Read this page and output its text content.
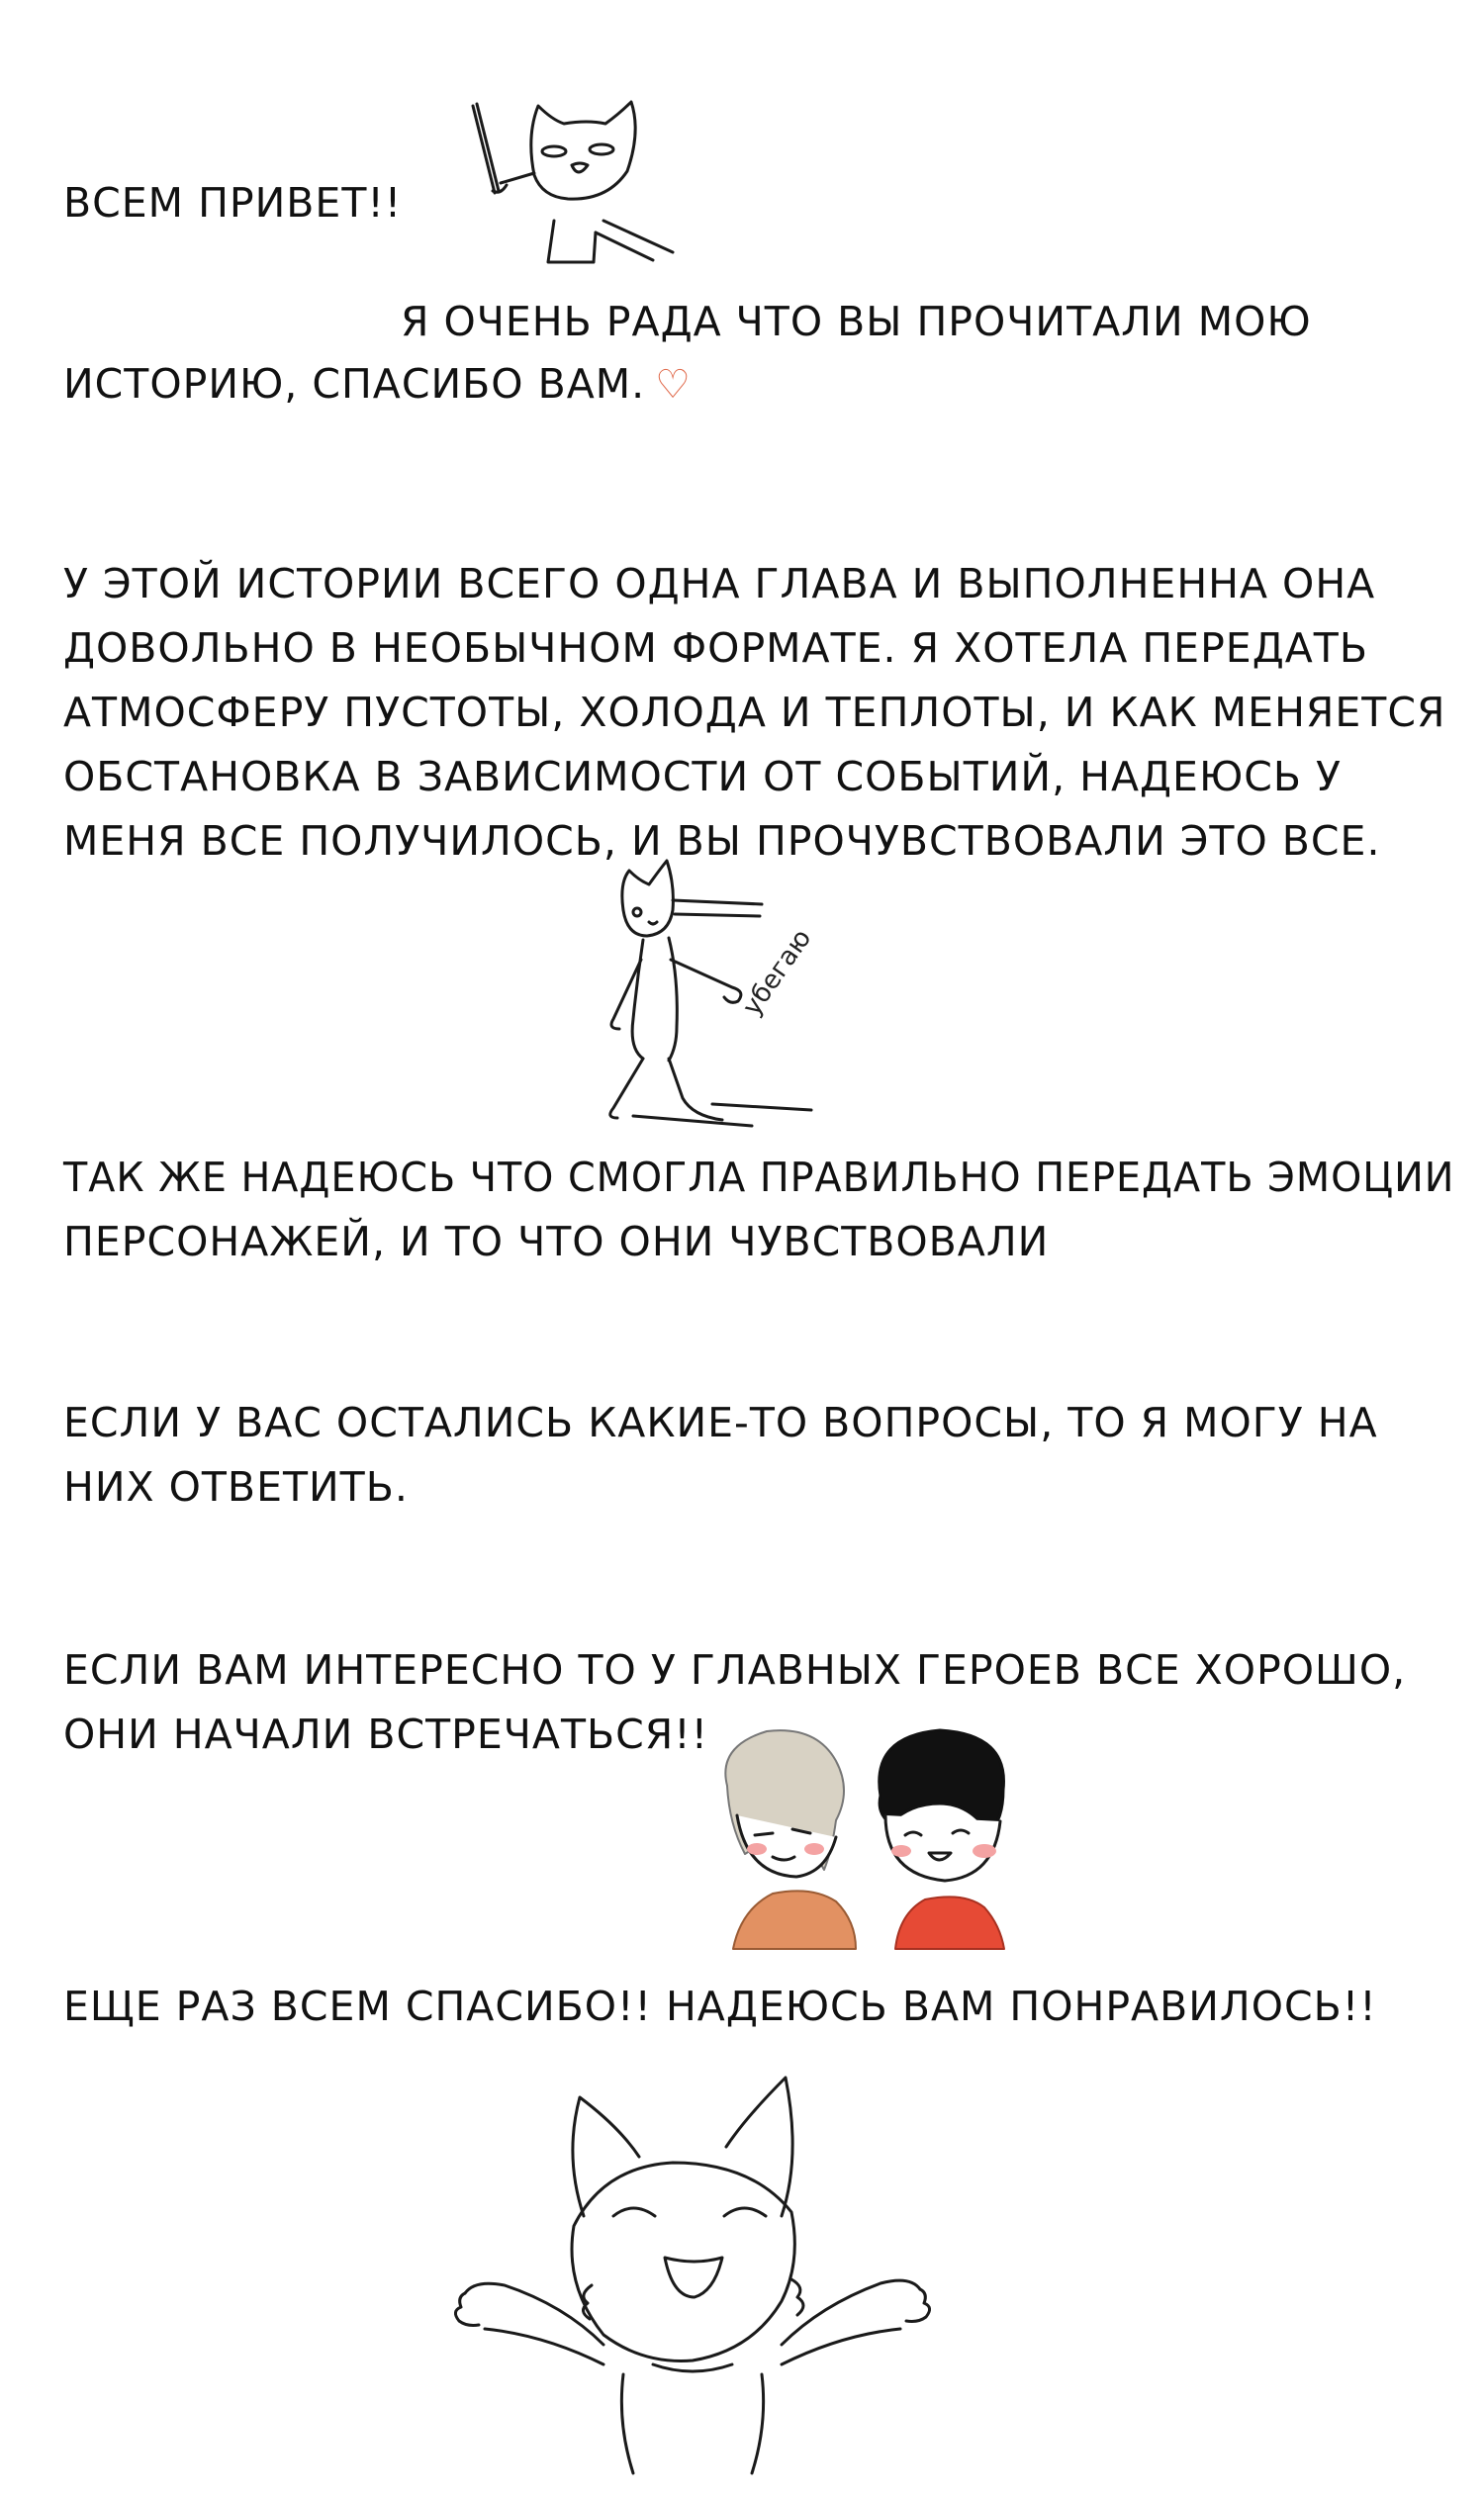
ВСЕМ ПРИВЕТ!!
Я ОЧЕНЬ РАДА ЧТО ВЫ ПРОЧИТАЛИ МОЮ
ИСТОРИЮ, СПАСИБО ВАМ. ♡
У ЭТОЙ ИСТОРИИ ВСЕГО ОДНА ГЛАВА И ВЫПОЛНЕННА ОНА
ДОВОЛЬНО В НЕОБЫЧНОМ ФОРМАТЕ. Я ХОТЕЛА ПЕРЕДАТЬ
АТМОСФЕРУ ПУСТОТЫ, ХОЛОДА И ТЕПЛОТЫ, И КАК МЕНЯЕТСЯ
ОБСТАНОВКА В ЗАВИСИМОСТИ ОТ СОБЫТИЙ, НАДЕЮСЬ У
МЕНЯ ВСЕ ПОЛУЧИЛОСЬ, И ВЫ ПРОЧУВСТВОВАЛИ ЭТО ВСЕ.
ТАК ЖЕ НАДЕЮСЬ ЧТО СМОГЛА ПРАВИЛЬНО ПЕРЕДАТЬ ЭМОЦИИ
ПЕРСОНАЖЕЙ, И ТО ЧТО ОНИ ЧУВСТВОВАЛИ
ЕСЛИ У ВАС ОСТАЛИСЬ КАКИЕ-ТО ВОПРОСЫ, ТО Я МОГУ НА
НИХ ОТВЕТИТЬ.
ЕСЛИ ВАМ ИНТЕРЕСНО ТО У ГЛАВНЫХ ГЕРОЕВ ВСЕ ХОРОШО,
ОНИ НАЧАЛИ ВСТРЕЧАТЬСЯ!!
ЕЩЕ РАЗ ВСЕМ СПАСИБО!! НАДЕЮСЬ ВАМ ПОНРАВИЛОСЬ!!
убегаю
